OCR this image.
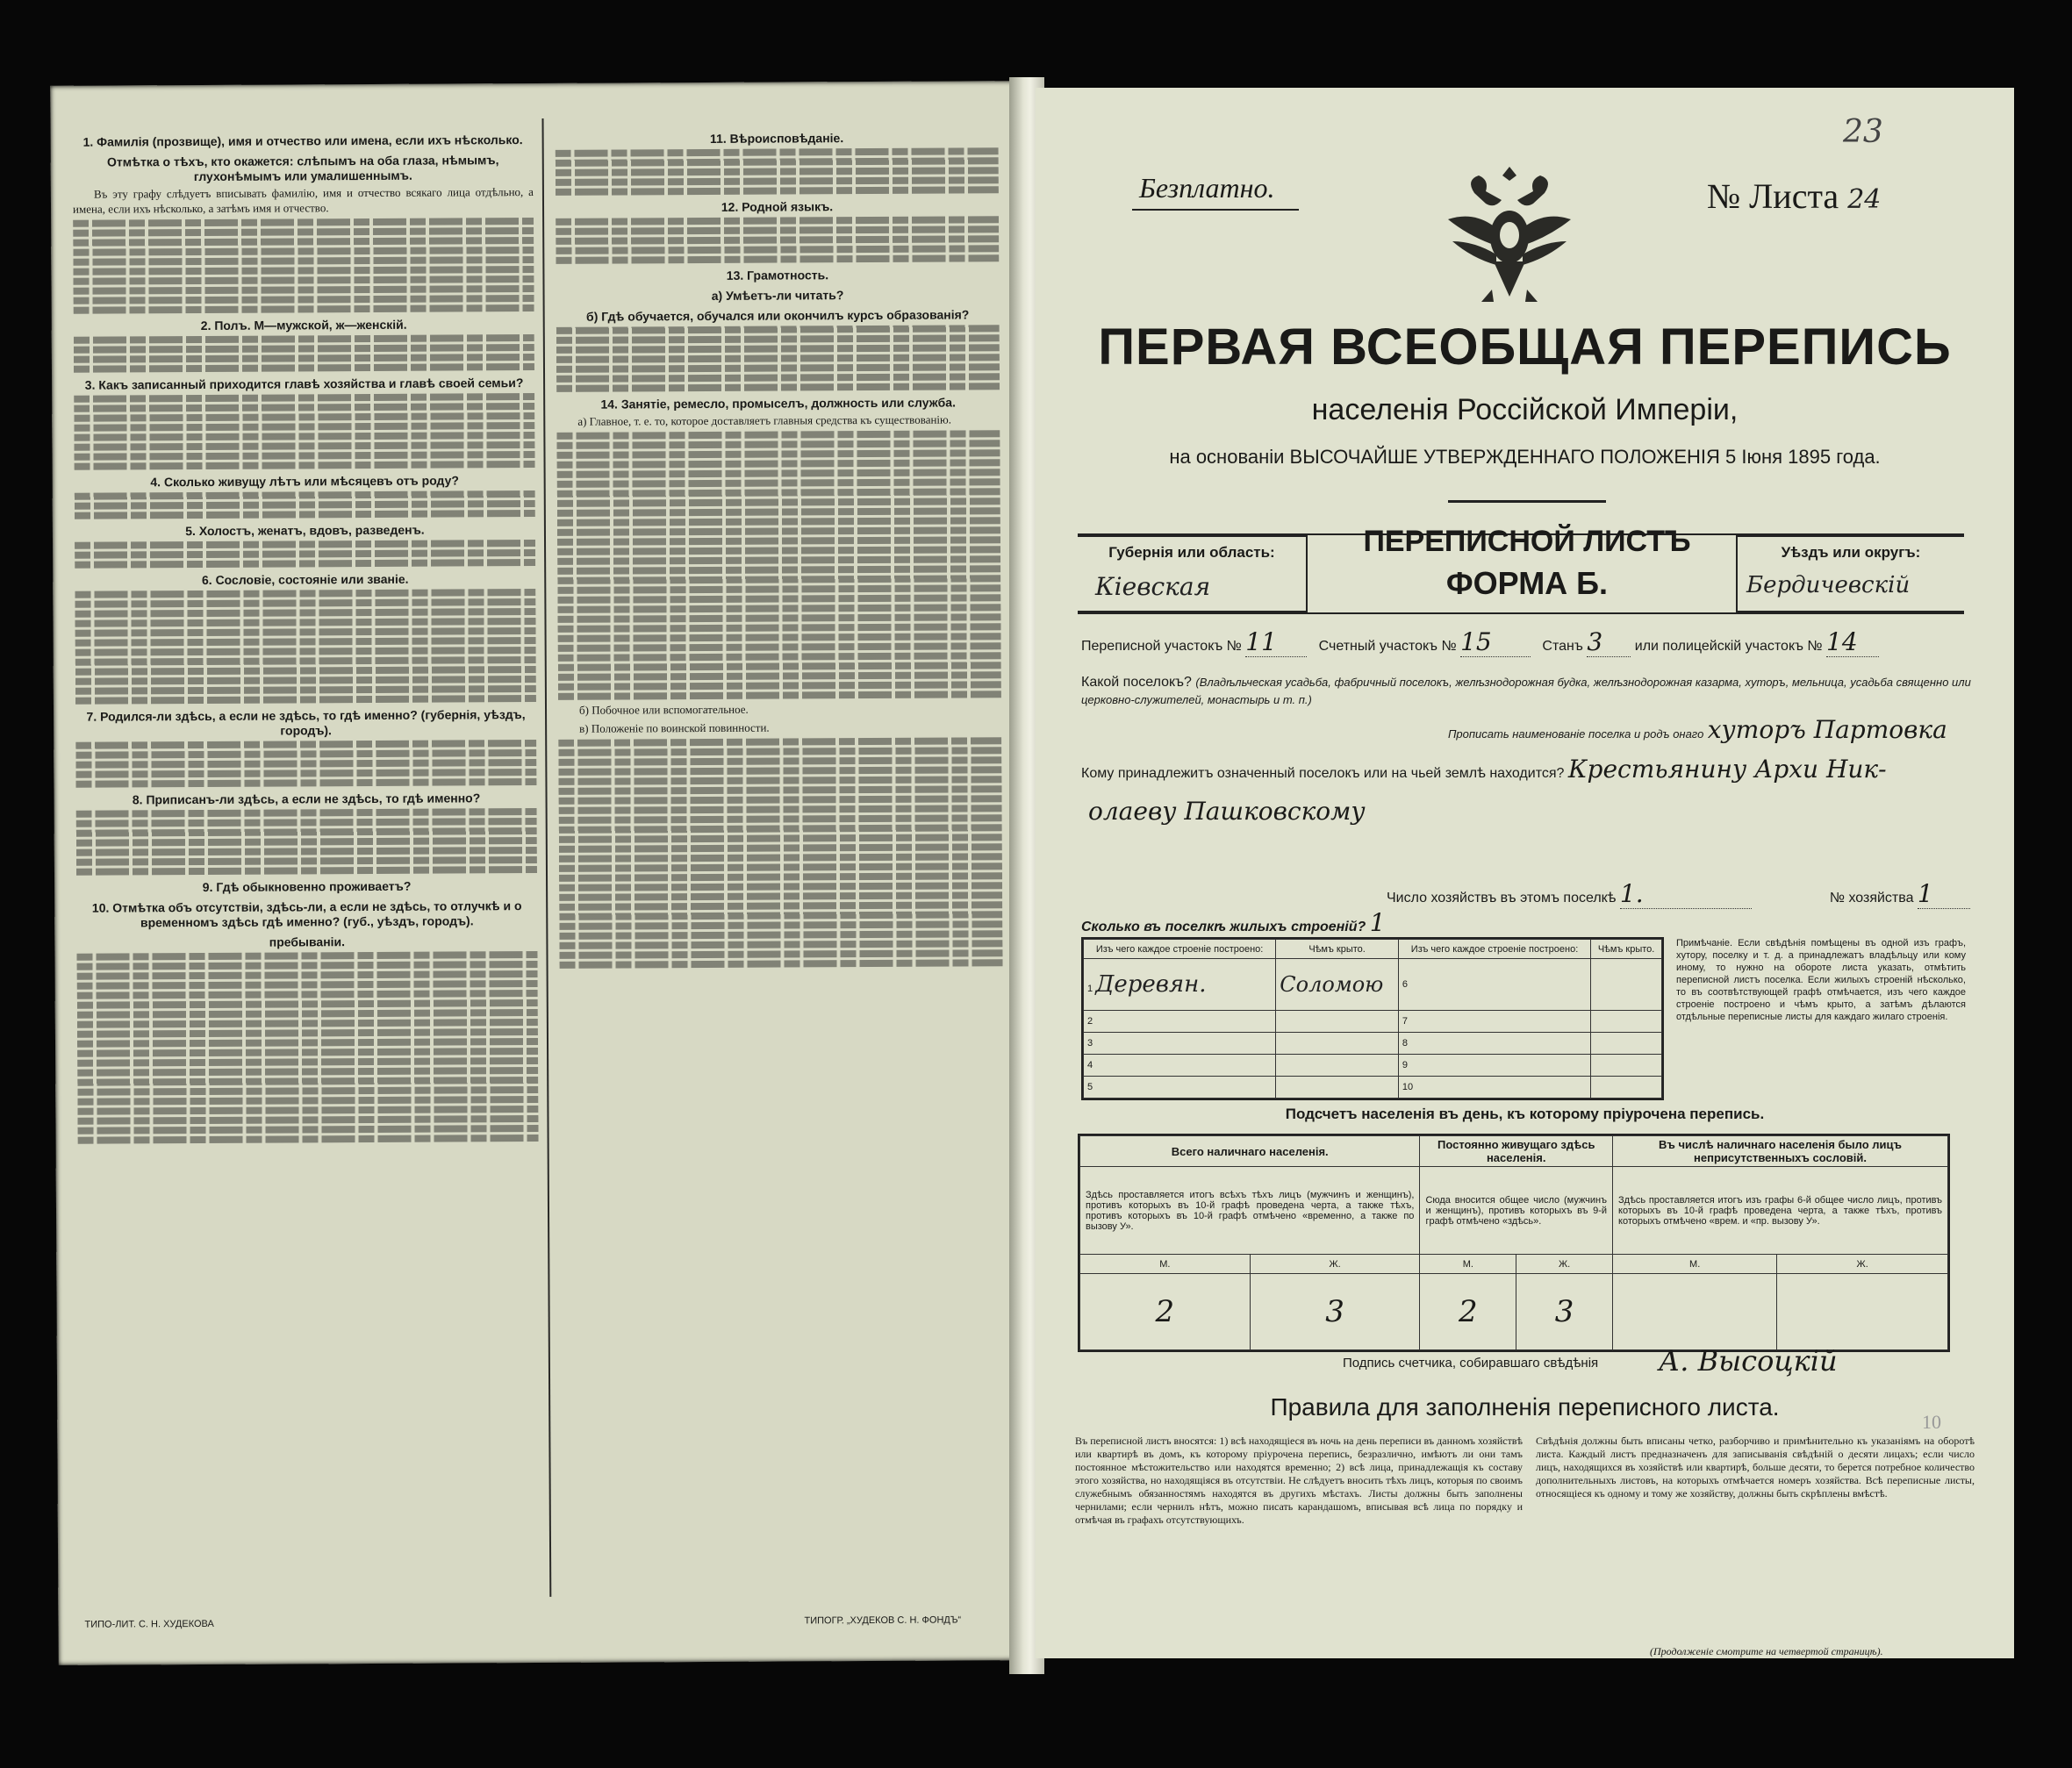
1. Фамилія (прозвище), имя и отчество или имена, если ихъ нѣсколько.
Отмѣтка о тѣхъ, кто окажется: слѣпымъ на оба глаза, нѣмымъ, глухонѣмымъ или умалишеннымъ.

Въ эту графу слѣдуетъ вписывать фамилію, имя и отчество всякаго лица отдѣльно, а имена, если ихъ нѣсколько, а затѣмъ имя и отчество.

2. Полъ. М—мужской, ж—женскій.
3. Какъ записанный приходится главѣ хозяйства и главѣ своей семьи?
4. Сколько живущу лѣтъ или мѣсяцевъ отъ роду?
5. Холостъ, женатъ, вдовъ, разведенъ.
6. Сословіе, состояніе или званіе.
7. Родился-ли здѣсь, а если не здѣсь, то гдѣ именно? (губернія, уѣздъ, городъ).
8. Приписанъ-ли здѣсь, а если не здѣсь, то гдѣ именно?
9. Гдѣ обыкновенно проживаетъ?
10. Отмѣтка объ отсутствіи, здѣсь-ли, а если не здѣсь, то отлучкѣ и о временномъ здѣсь гдѣ именно? (губ., уѣздъ, городъ).
пребываніи.
11. Вѣроисповѣданіе.
12. Родной языкъ.
13. Грамотность.
а) Умѣетъ-ли читать?
б) Гдѣ обучается, обучался или окончилъ курсъ образованія?
14. Занятіе, ремесло, промыселъ, должность или служба.

а) Главное, т. е. то, которое доставляетъ главныя средства къ существованію.

б) Побочное или вспомогательное.

в) Положеніе по воинской повинности.

ТИПО-ЛИТ. С. Н. ХУДЕКОВА	ТИПОГР. „ХУДЕКОВ С. Н. ФОНДЪ“
Безплатно.
23
№ Листа 24
ПЕРВАЯ ВСЕОБЩАЯ ПЕРЕПИСЬ
населенія Россійской Имперіи,
на основаніи ВЫСОЧАЙШЕ УТВЕРЖДЕННАГО ПОЛОЖЕНІЯ 5 Іюня 1895 года.
Губернія или область:
Кіевская
Уѣздъ или округъ:
Бердичевскій
ПЕРЕПИСНОЙ ЛИСТЪ
ФОРМА Б.
Переписной участокъ № 11	Счетный участокъ № 15	Станъ 3 или полицейскій участокъ № 14
Какой поселокъ? (Владѣльческая усадьба, фабричный поселокъ, желѣзнодорожная будка, желѣзнодорожная казарма, хуторъ, мельница, усадьба священно или церковно-служителей, монастырь и т. п.)
Прописать наименованіе поселка и родъ онаго хуторъ Партовка
Кому принадлежитъ означенный поселокъ или на чьей землѣ находится? Крестьянину Архи Ник-
олаеву Пашковскому
Число хозяйствъ въ этомъ поселкѣ 1.	№ хозяйства 1
Сколько въ поселкѣ жилыхъ строеній? 1
Изъ чего каждое строеніе построено:	Чѣмъ крыто.	Изъ чего каждое строеніе построено:	Чѣмъ крыто.
1 Деревян.	Соломою	6	
2		7	
3		8	
4		9	
5		10	
Примѣчаніе. Если свѣдѣнія помѣщены въ одной изъ графъ, хутору, поселку и т. д. а принадлежатъ владѣльцу или кому иному, то нужно на обороте листа указать, отмѣтить переписной листъ поселка. Если жилыхъ строеній нѣсколько, то въ соотвѣтствующей графѣ отмѣчается, изъ чего каждое строеніе построено и чѣмъ крыто, а затѣмъ дѣлаются отдѣльные переписные листы для каждаго жилаго строенія.
Подсчетъ населенія въ день, къ которому пріурочена перепись.
Всего наличнаго населенія.		Постоянно живущаго здѣсь населенія.		Въ числѣ наличнаго населенія было лицъ неприсутственныхъ сословій.	
Здѣсь проставляется итогъ всѣхъ тѣхъ лицъ (мужчинъ и женщинъ), противъ которыхъ въ 10-й графѣ проведена черта, а также тѣхъ, противъ которыхъ въ 10-й графѣ отмѣчено «временно, а также по вызову У».		Сюда вносится общее число (мужчинъ и женщинъ), противъ которыхъ въ 9-й графѣ отмѣчено «здѣсь».		Здѣсь проставляется итогъ изъ графы 6-й общее число лицъ, противъ которыхъ въ 10-й графѣ проведена черта, а также тѣхъ, противъ которыхъ отмѣчено «врем. и «пр. вызову У».	
М.	Ж.	М.	Ж.	М.	Ж.
2	3	2	3		
Подпись счетчика, собиравшаго свѣдѣнія А. Высоцкій
10
Правила для заполненія переписного листа.
Въ переписной листъ вносятся: 1) всѣ находящіеся въ ночь на день переписи въ данномъ хозяйствѣ или квартирѣ въ домъ, къ которому пріурочена перепись, безразлично, имѣютъ ли они тамъ постоянное мѣстожительство или находятся временно; 2) всѣ лица, принадлежащія къ составу этого хозяйства, но находящіяся въ отсутствіи. Не слѣдуетъ вносить тѣхъ лицъ, которыя по своимъ служебнымъ обязанностямъ находятся въ другихъ мѣстахъ. Листы должны быть заполнены чернилами; если чернилъ нѣтъ, можно писать карандашомъ, вписывая всѣ лица по порядку и отмѣчая въ графахъ отсутствующихъ.
Свѣдѣнія должны быть вписаны четко, разборчиво и примѣнительно къ указаніямъ на оборотѣ листа. Каждый листъ предназначенъ для записыванія свѣдѣній о десяти лицахъ; если число лицъ, находящихся въ хозяйствѣ или квартирѣ, больше десяти, то берется потребное количество дополнительныхъ листовъ, на которыхъ отмѣчается номеръ хозяйства. Всѣ переписные листы, относящіеся къ одному и тому же хозяйству, должны быть скрѣплены вмѣстѣ.
(Продолженіе смотрите на четвертой страницѣ).
